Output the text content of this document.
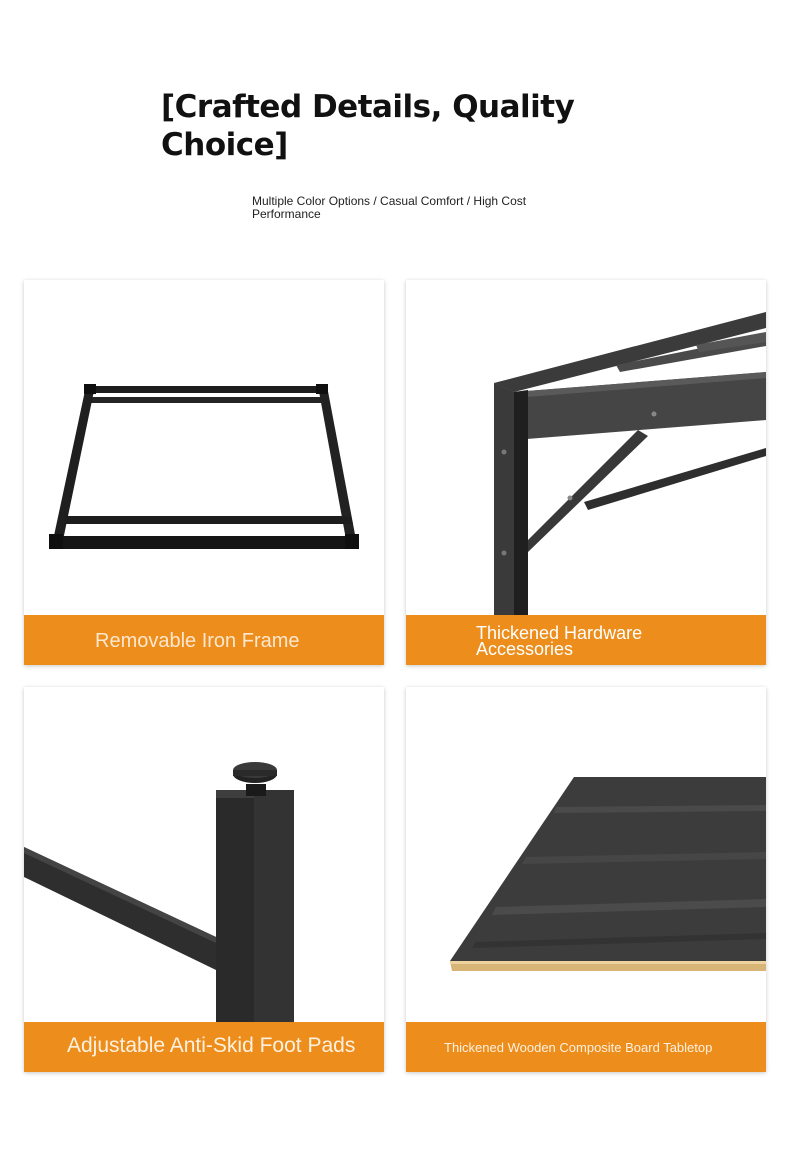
[Crafted Details, Quality Choice]

Multiple Color Options / Casual Comfort / High Cost Performance

Removable Iron Frame	Thickened Hardware Accessories
Adjustable Anti-Skid Foot Pads	Thickened Wooden Composite Board Tabletop
